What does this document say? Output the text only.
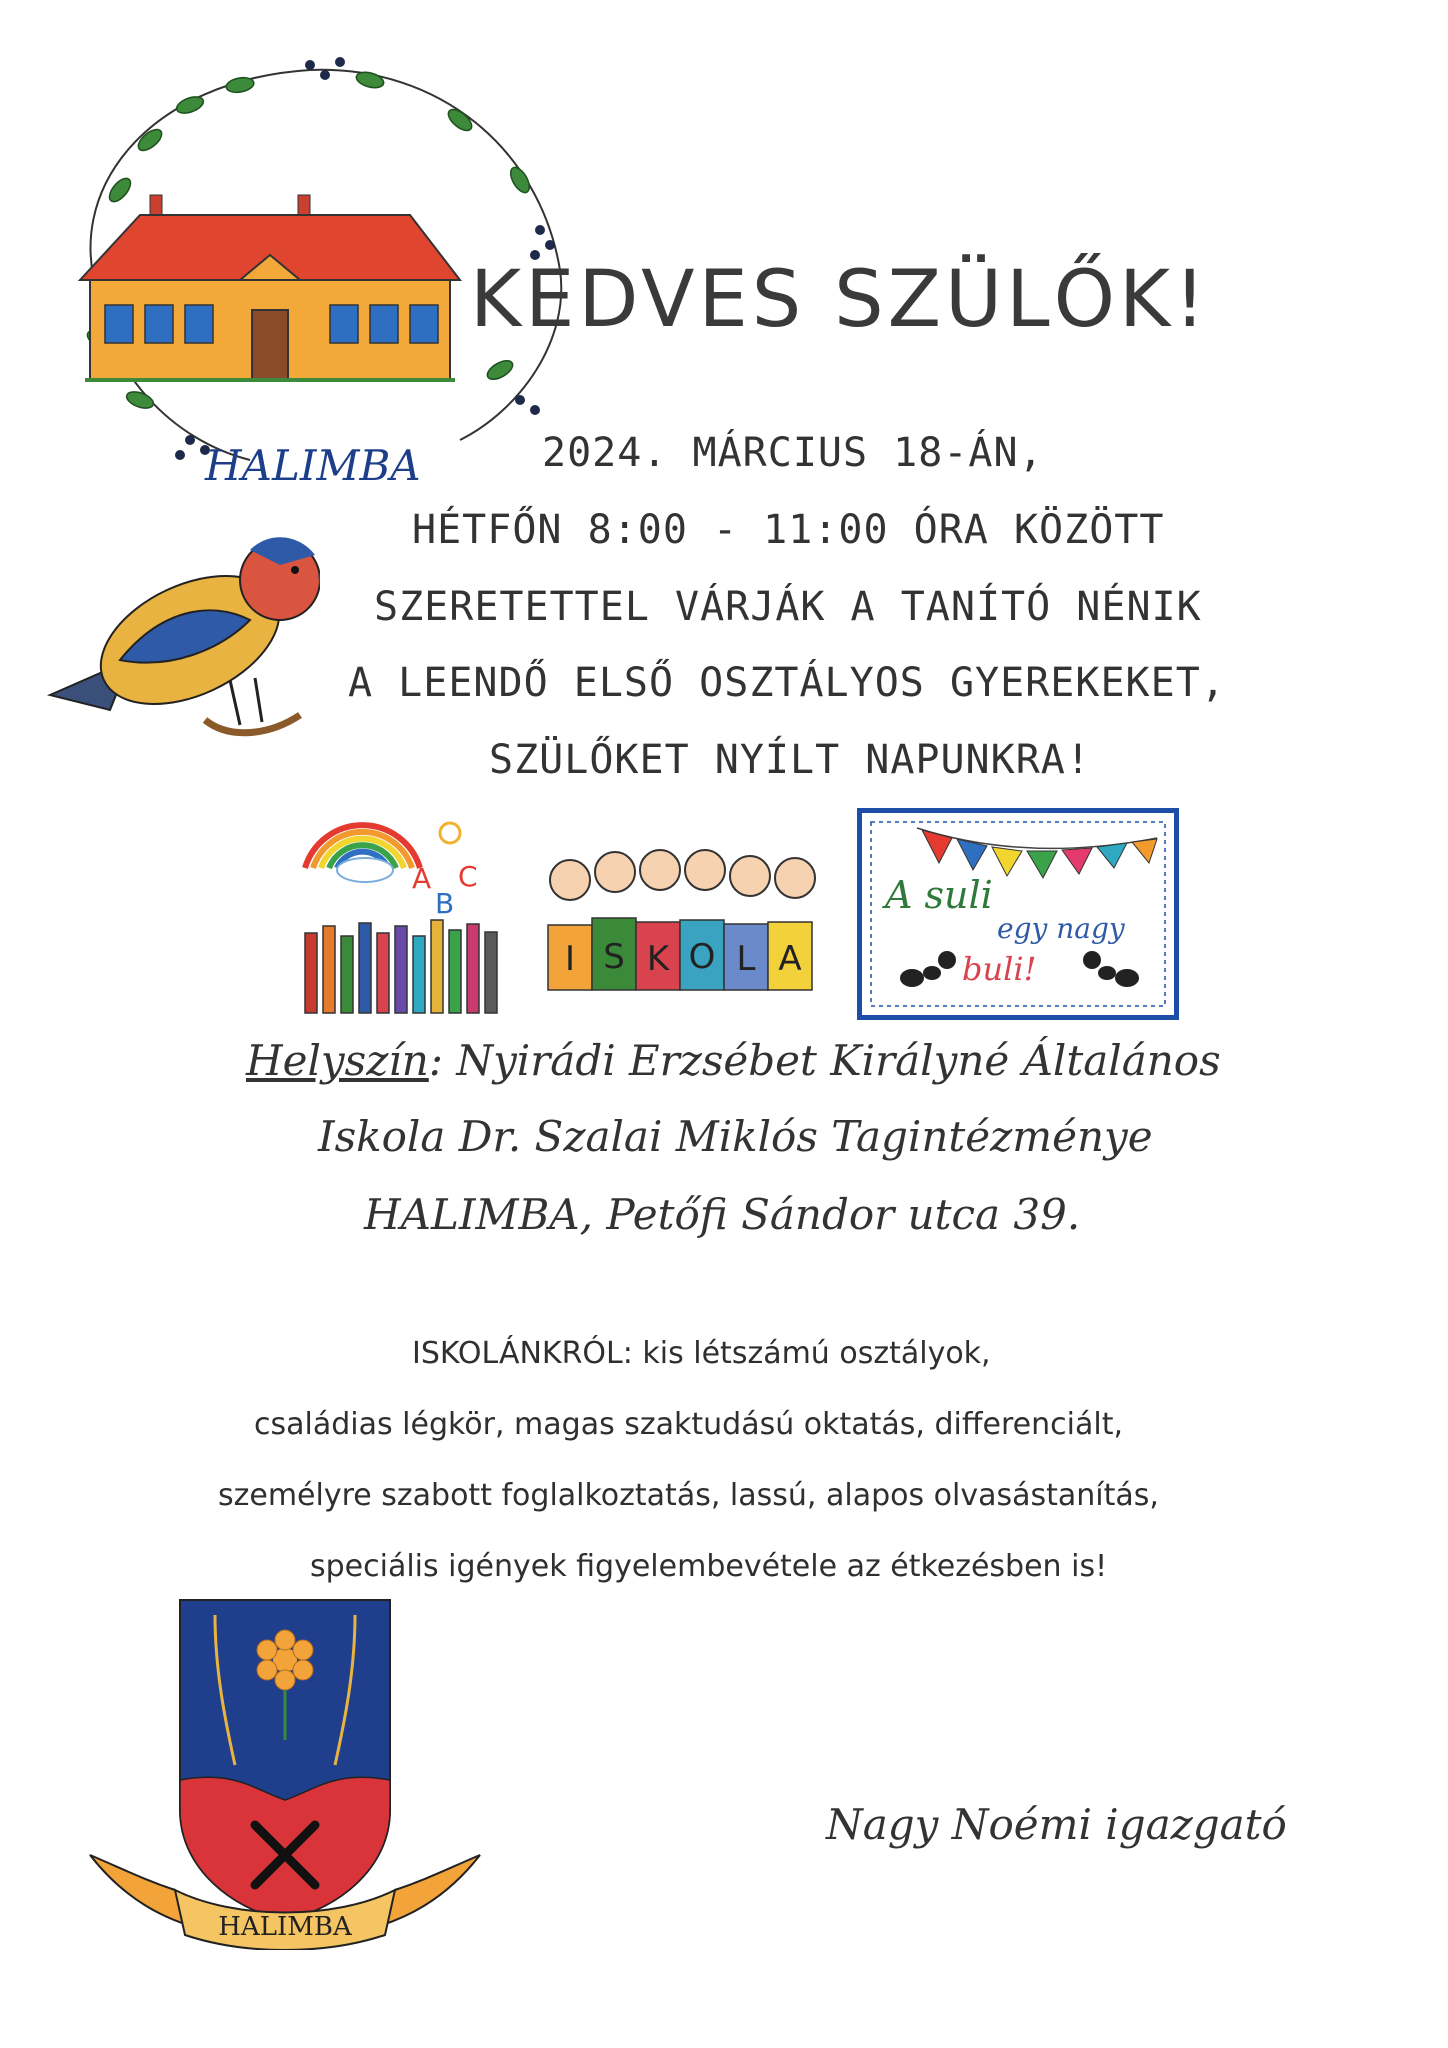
HALIMBA
KEDVES SZÜLŐK!
2024. MÁRCIUS 18-ÁN,
HÉTFŐN 8:00 - 11:00 ÓRA KÖZÖTT
SZERETETTEL VÁRJÁK A TANÍTÓ NÉNIK
A LEENDŐ ELSŐ OSZTÁLYOS GYEREKEKET,
SZÜLŐKET NYÍLT NAPUNKRA!
A
B
C
I S K O L A
A suli
egy nagy
buli!
Helyszín: Nyirádi Erzsébet Királyné Általános
Iskola Dr. Szalai Miklós Tagintézménye
HALIMBA, Petőfi Sándor utca 39.
ISKOLÁNKRÓL: kis létszámú osztályok,
családias légkör, magas szaktudású oktatás, differenciált,
személyre szabott foglalkoztatás, lassú, alapos olvasástanítás,
speciális igények figyelembevétele az étkezésben is!
HALIMBA
Nagy Noémi igazgató
